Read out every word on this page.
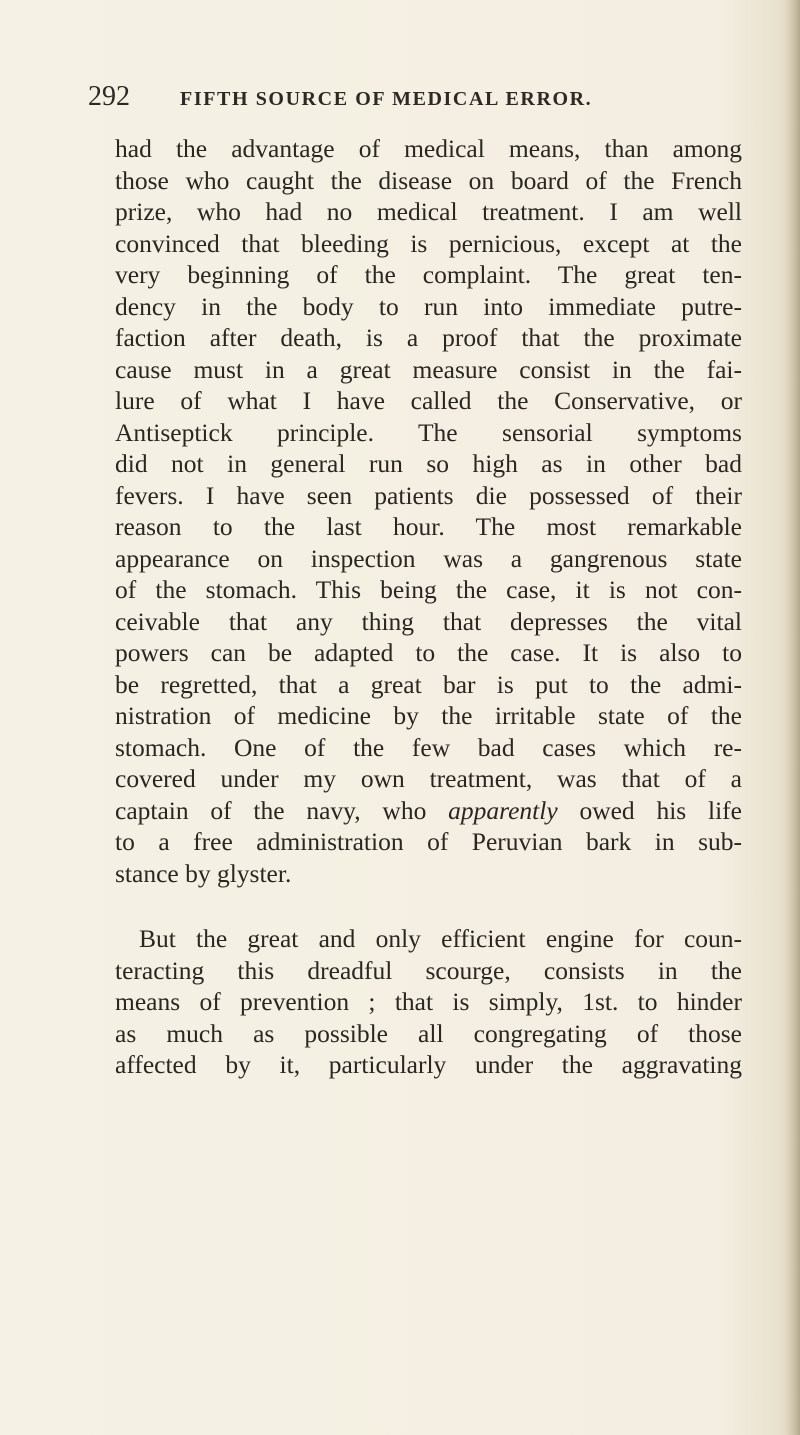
292	FIFTH SOURCE OF MEDICAL ERROR.
had the advantage of medical means, than among
those who caught the disease on board of the French
prize, who had no medical treatment. I am well
convinced that bleeding is pernicious, except at the
very beginning of the complaint. The great ten-
dency in the body to run into immediate putre-
faction after death, is a proof that the proximate
cause must in a great measure consist in the fai-
lure of what I have called the Conservative, or
Antiseptick principle. The sensorial symptoms
did not in general run so high as in other bad
fevers. I have seen patients die possessed of their
reason to the last hour. The most remarkable
appearance on inspection was a gangrenous state
of the stomach. This being the case, it is not con-
ceivable that any thing that depresses the vital
powers can be adapted to the case. It is also to
be regretted, that a great bar is put to the admi-
nistration of medicine by the irritable state of the
stomach. One of the few bad cases which re-
covered under my own treatment, was that of a
captain of the navy, who apparently owed his life
to a free administration of Peruvian bark in sub-
stance by glyster.
But the great and only efficient engine for coun-
teracting this dreadful scourge, consists in the
means of prevention ; that is simply, 1st. to hinder
as much as possible all congregating of those
affected by it, particularly under the aggravating
